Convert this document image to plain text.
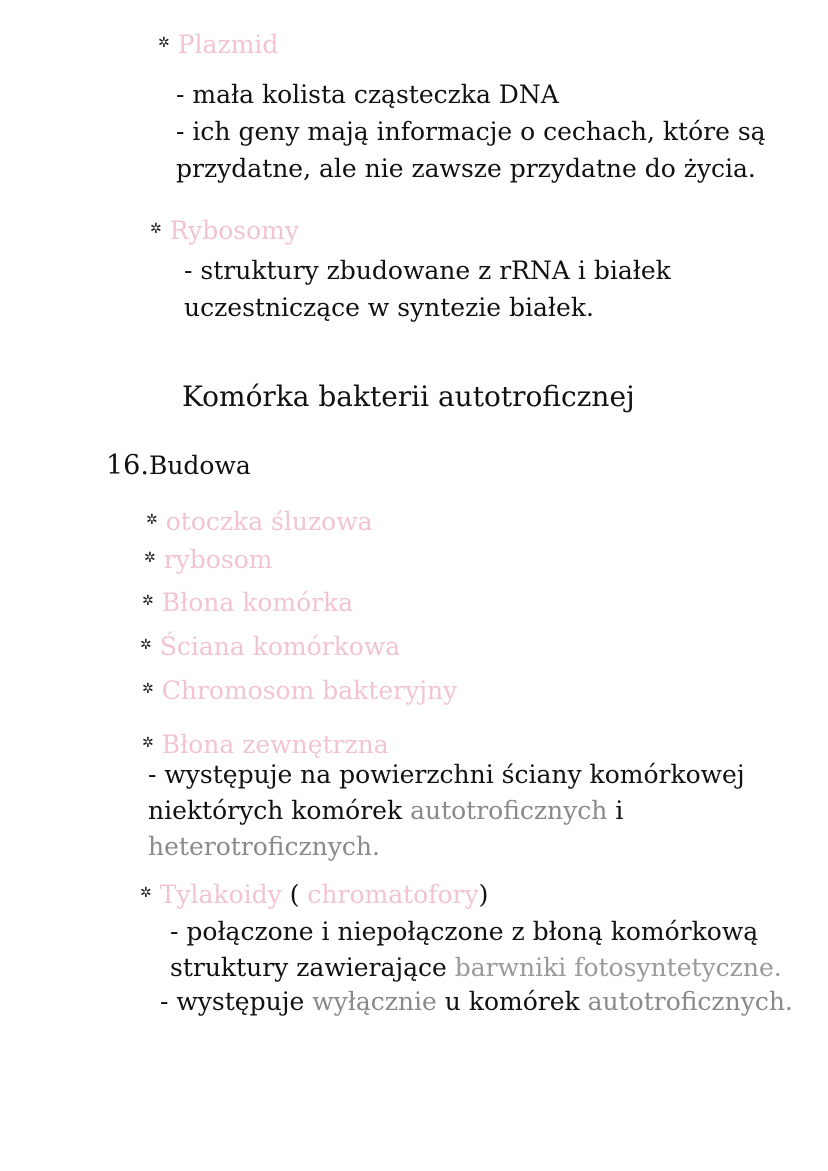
✲ Plazmid
- mała kolista cząsteczka DNA
- ich geny mają informacje o cechach, które są
przydatne, ale nie zawsze przydatne do życia.
✲ Rybosomy
- struktury zbudowane z rRNA i białek
uczestniczące w syntezie białek.
Komórka bakterii autotroficznej
16.Budowa
✲ otoczka śluzowa
✲ rybosom
✲ Błona komórka
✲ Ściana komórkowa
✲ Chromosom bakteryjny
✲ Błona zewnętrzna
- występuje na powierzchni ściany komórkowej
niektórych komórek autotroficznych i
heterotroficznych.
✲ Tylakoidy ( chromatofory)
- połączone i niepołączone z błoną komórkową
struktury zawierające barwniki fotosyntetyczne.
- występuje wyłącznie u komórek autotroficznych.
